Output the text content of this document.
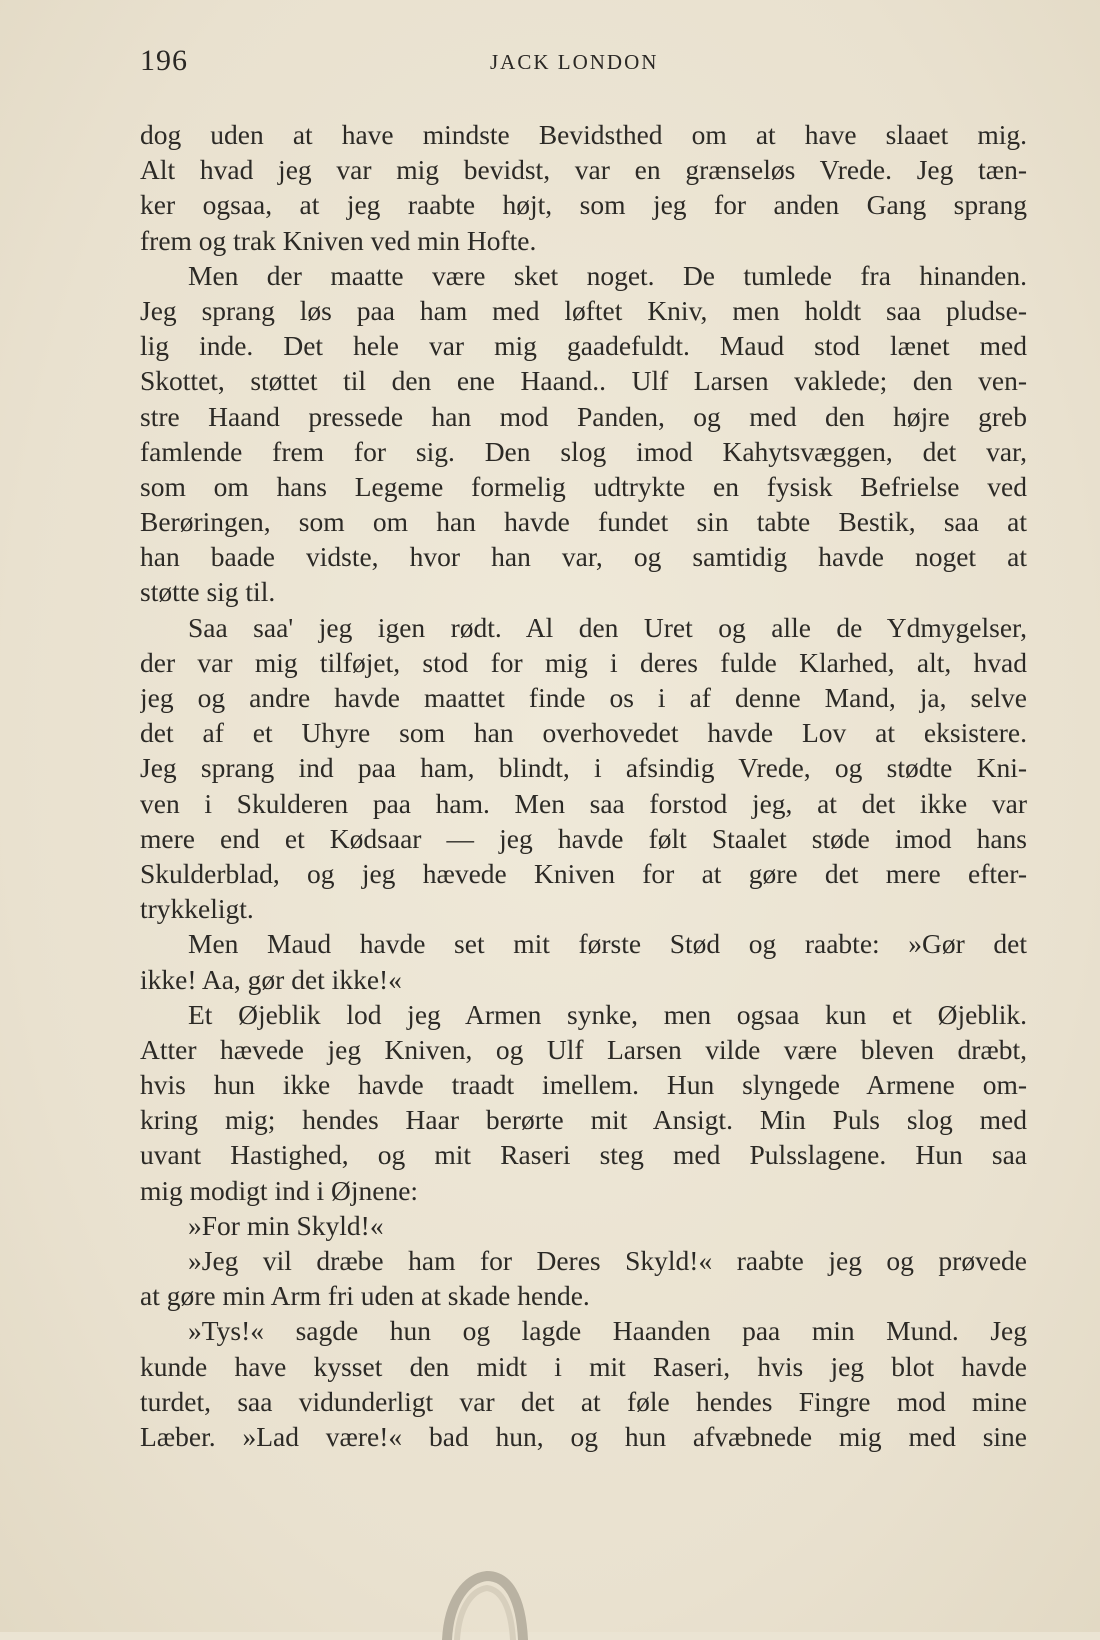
196	JACK LONDON
dog uden at have mindste Bevidsthed om at have slaaet mig.
Alt hvad jeg var mig bevidst, var en grænseløs Vrede. Jeg tæn-
ker ogsaa, at jeg raabte højt, som jeg for anden Gang sprang
frem og trak Kniven ved min Hofte.
Men der maatte være sket noget. De tumlede fra hinanden.
Jeg sprang løs paa ham med løftet Kniv, men holdt saa pludse-
lig inde. Det hele var mig gaadefuldt. Maud stod lænet med
Skottet, støttet til den ene Haand.. Ulf Larsen vaklede; den ven-
stre Haand pressede han mod Panden, og med den højre greb
famlende frem for sig. Den slog imod Kahytsvæggen, det var,
som om hans Legeme formelig udtrykte en fysisk Befrielse ved
Berøringen, som om han havde fundet sin tabte Bestik, saa at
han baade vidste, hvor han var, og samtidig havde noget at
støtte sig til.
Saa saa' jeg igen rødt. Al den Uret og alle de Ydmygelser,
der var mig tilføjet, stod for mig i deres fulde Klarhed, alt, hvad
jeg og andre havde maattet finde os i af denne Mand, ja, selve
det af et Uhyre som han overhovedet havde Lov at eksistere.
Jeg sprang ind paa ham, blindt, i afsindig Vrede, og stødte Kni-
ven i Skulderen paa ham. Men saa forstod jeg, at det ikke var
mere end et Kødsaar — jeg havde følt Staalet støde imod hans
Skulderblad, og jeg hævede Kniven for at gøre det mere efter-
trykkeligt.
Men Maud havde set mit første Stød og raabte: »Gør det
ikke! Aa, gør det ikke!«
Et Øjeblik lod jeg Armen synke, men ogsaa kun et Øjeblik.
Atter hævede jeg Kniven, og Ulf Larsen vilde være bleven dræbt,
hvis hun ikke havde traadt imellem. Hun slyngede Armene om-
kring mig; hendes Haar berørte mit Ansigt. Min Puls slog med
uvant Hastighed, og mit Raseri steg med Pulsslagene. Hun saa
mig modigt ind i Øjnene:
»For min Skyld!«
»Jeg vil dræbe ham for Deres Skyld!« raabte jeg og prøvede
at gøre min Arm fri uden at skade hende.
»Tys!« sagde hun og lagde Haanden paa min Mund. Jeg
kunde have kysset den midt i mit Raseri, hvis jeg blot havde
turdet, saa vidunderligt var det at føle hendes Fingre mod mine
Læber. »Lad være!« bad hun, og hun afvæbnede mig med sine
